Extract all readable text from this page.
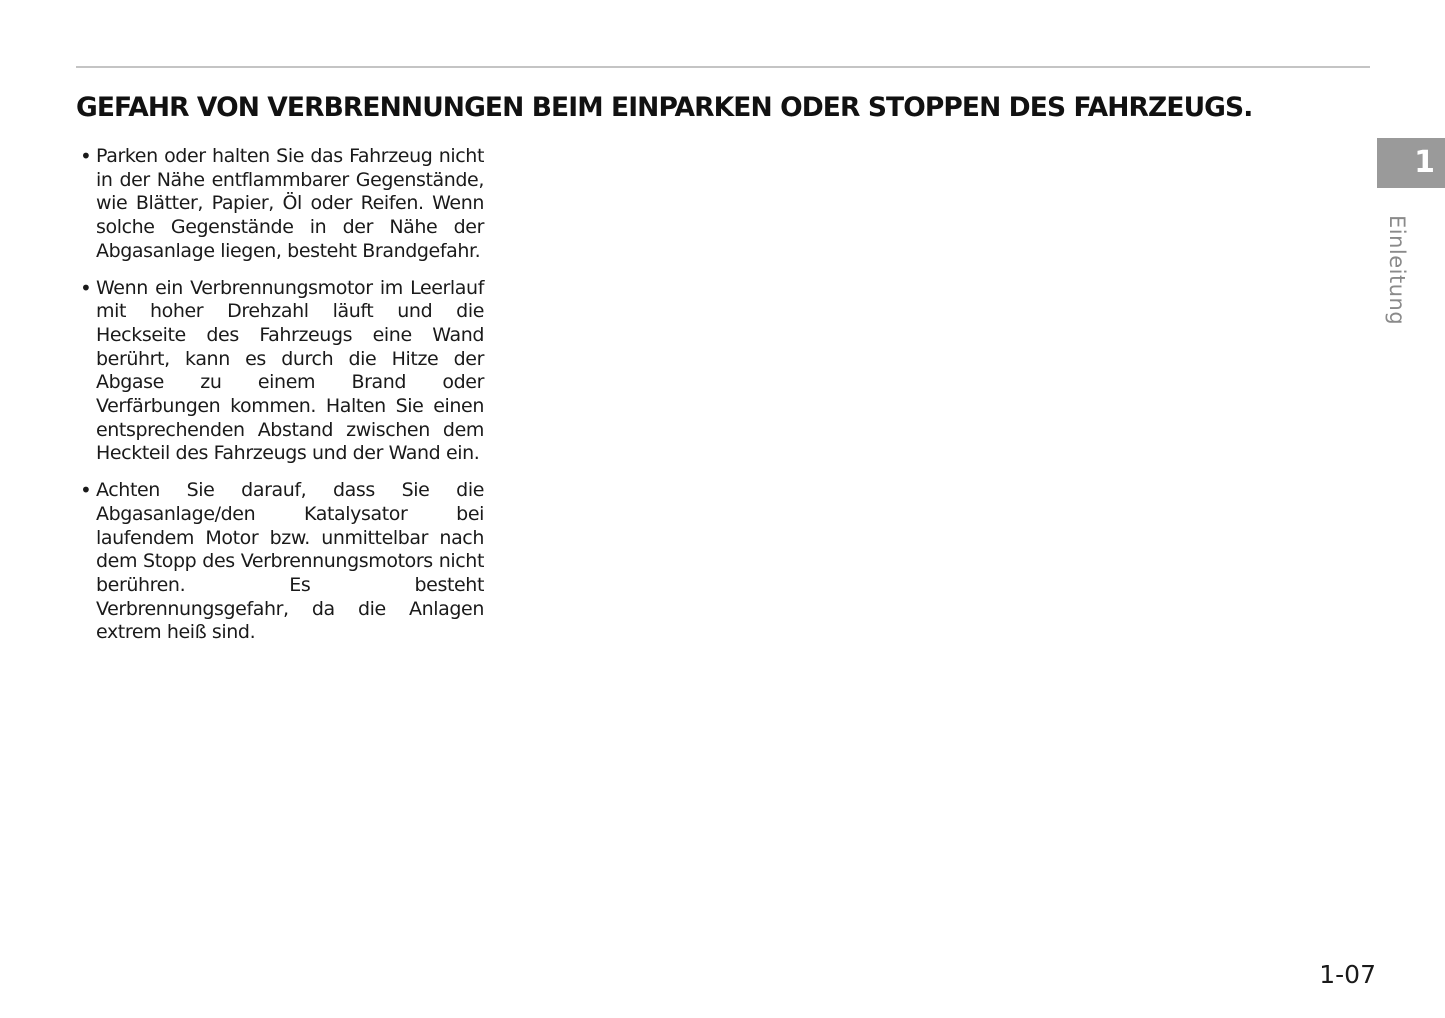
GEFAHR VON VERBRENNUNGEN BEIM EINPARKEN ODER STOPPEN DES FAHRZEUGS.
• Parken oder halten Sie das Fahrzeug nicht in der Nähe entflammbarer Gegenstände, wie Blätter, Papier, Öl oder Reifen. Wenn solche Gegenstände in der Nähe der Abgasanlage liegen, besteht Brandgefahr.
• Wenn ein Verbrennungsmotor im Leerlauf mit hoher Drehzahl läuft und die Heckseite des Fahrzeugs eine Wand berührt, kann es durch die Hitze der Abgase zu einem Brand oder Verfärbungen kommen. Halten Sie einen entsprechenden Abstand zwischen dem Heckteil des Fahrzeugs und der Wand ein.
• Achten Sie darauf, dass Sie die Abgasanlage/den Katalysator bei laufendem Motor bzw. unmittelbar nach dem Stopp des Verbrennungsmotors nicht berühren. Es besteht Verbrennungsgefahr, da die Anlagen extrem heiß sind.
1
Einleitung
1-07
